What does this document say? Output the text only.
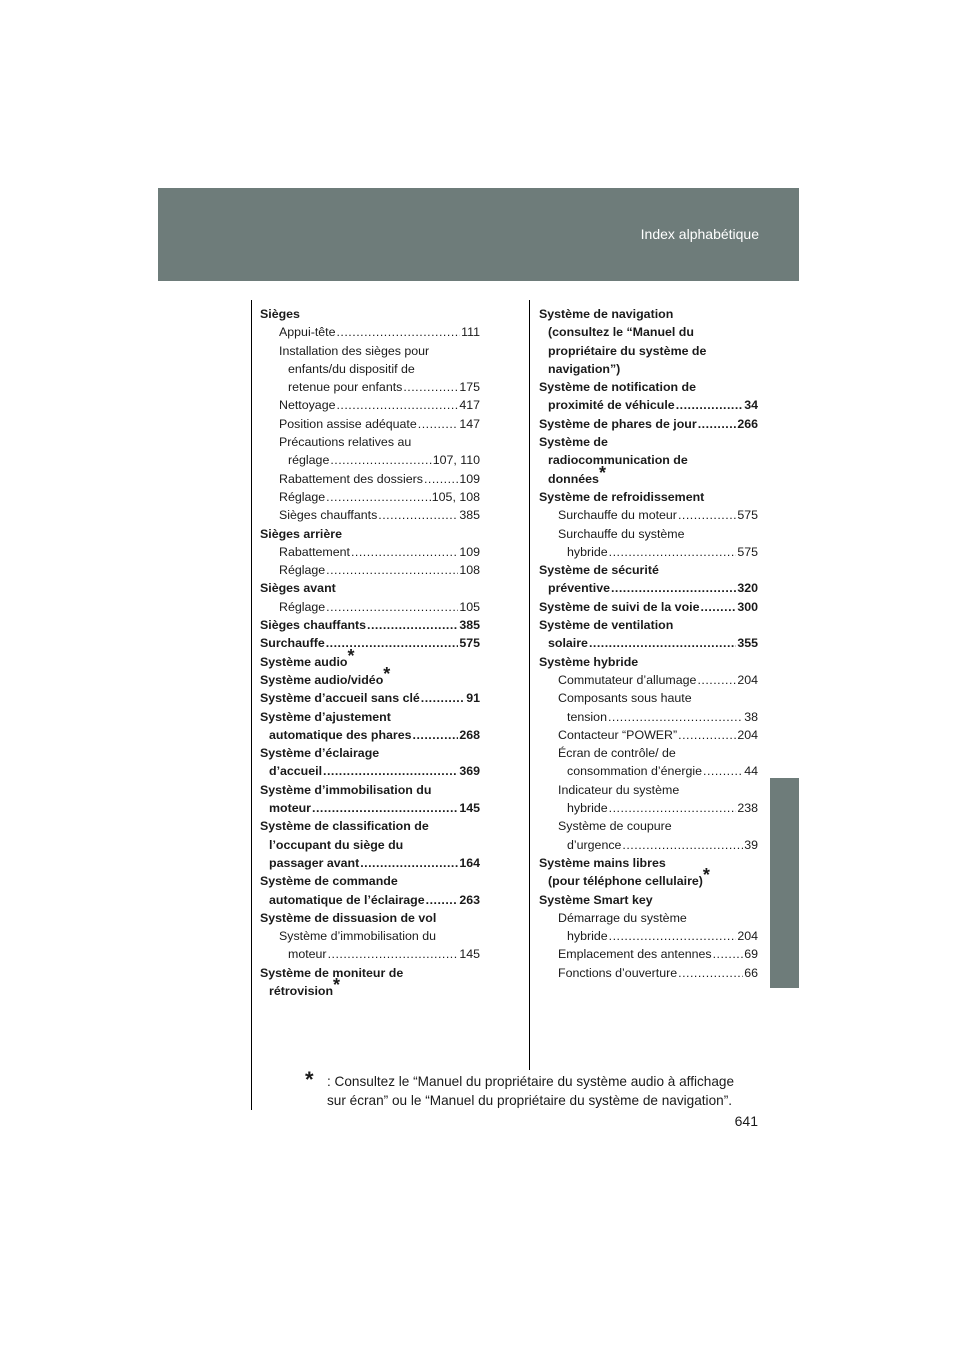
Index alphabétique
Sièges
Appui-tête .....	111
Installation des sièges pour
enfants/du dispositif de
retenue pour enfants .....	175
Nettoyage .....	417
Position assise adéquate .....	147
Précautions relatives au
réglage .....	107, 110
Rabattement des dossiers .....	109
Réglage .....	105, 108
Sièges chauffants .....	385
Sièges arrière
Rabattement .....	109
Réglage .....	108
Sièges avant
Réglage .....	105
Sièges chauffants .....	385
Surchauffe .....	575
Système audio*
Système audio/vidéo*
Système d’accueil sans clé .....	91
Système d’ajustement
automatique des phares .....	268
Système d’éclairage
d’accueil .....	369
Système d’immobilisation du
moteur .....	145
Système de classification de
l’occupant du siège du
passager avant .....	164
Système de commande
automatique de l’éclairage .....	263
Système de dissuasion de vol
Système d’immobilisation du
moteur .....	145
Système de moniteur de
rétrovision*
Système de navigation
(consultez le “Manuel du
propriétaire du système de
navigation”)
Système de notification de
proximité de véhicule .....	34
Système de phares de jour .....	266
Système de
radiocommunication de
données*
Système de refroidissement
Surchauffe du moteur .....	575
Surchauffe du système
hybride .....	575
Système de sécurité
préventive .....	320
Système de suivi de la voie .....	300
Système de ventilation
solaire .....	355
Système hybride
Commutateur d’allumage .....	204
Composants sous haute
tension .....	38
Contacteur “POWER” .....	204
Écran de contrôle/ de
consommation d’énergie .....	44
Indicateur du système
hybride .....	238
Système de coupure
d’urgence .....	39
Système mains libres
(pour téléphone cellulaire)*
Système Smart key
Démarrage du système
hybride .....	204
Emplacement des antennes .....	69
Fonctions d’ouverture .....	66
* : Consultez le “Manuel du propriétaire du système audio à affichage
sur écran” ou le “Manuel du propriétaire du système de navigation”.
641
